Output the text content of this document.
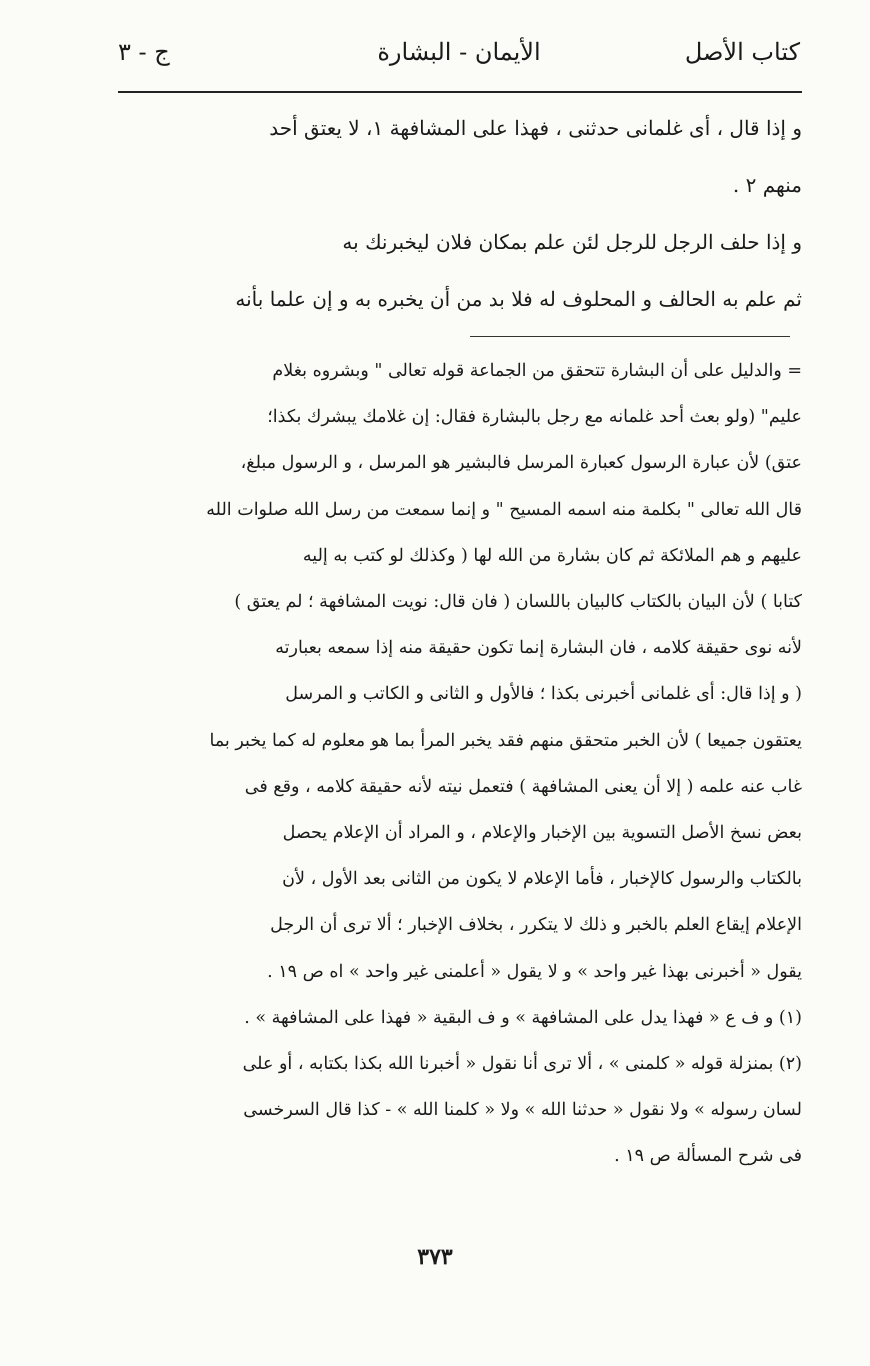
كتاب الأصل
الأيمان - البشارة
ج - ٣
و إذا قال ، أى غلمانى حدثنى ، فهذا على المشافهة ١، لا يعتق أحد
منهم ٢ .
و إذا حلف الرجل للرجل لئن علم بمكان فلان ليخبرنك به
ثم علم به الحالف و المحلوف له فلا بد من أن يخبره به و إن علما بأنه
= والدليل على أن البشارة تتحقق من الجماعة قوله تعالى " وبشروه بغلام
عليم" (ولو بعث أحد غلمانه مع رجل بالبشارة فقال: إن غلامك يبشرك بكذا؛
عتق) لأن عبارة الرسول كعبارة المرسل فالبشير هو المرسل ، و الرسول مبلغ،
قال الله تعالى " بكلمة منه اسمه المسيح " و إنما سمعت من رسل الله صلوات الله
عليهم و هم الملائكة ثم كان بشارة من الله لها ( وكذلك لو كتب به إليه
كتابا ) لأن البيان بالكتاب كالبيان باللسان ( فان قال: نويت المشافهة ؛ لم يعتق )
لأنه نوى حقيقة كلامه ، فان البشارة إنما تكون حقيقة منه إذا سمعه بعبارته
( و إذا قال: أى غلمانى أخبرنى بكذا ؛ فالأول و الثانى و الكاتب و المرسل
يعتقون جميعا ) لأن الخبر متحقق منهم فقد يخبر المرأ بما هو معلوم له كما يخبر بما
غاب عنه علمه ( إلا أن يعنى المشافهة ) فتعمل نيته لأنه حقيقة كلامه ، وقع فى
بعض نسخ الأصل التسوية بين الإخبار والإعلام ، و المراد أن الإعلام يحصل
بالكتاب والرسول كالإخبار ، فأما الإعلام لا يكون من الثانى بعد الأول ، لأن
الإعلام إيقاع العلم بالخبر و ذلك لا يتكرر ، بخلاف الإخبار ؛ ألا ترى أن الرجل
يقول « أخبرنى بهذا غير واحد » و لا يقول « أعلمنى غير واحد » اه ص ١٩ .
(١) و ف ع « فهذا يدل على المشافهة » و ف البقية « فهذا على المشافهة » .
(٢) بمنزلة قوله « كلمنى » ، ألا ترى أنا نقول « أخبرنا الله بكذا بكتابه ، أو على
لسان رسوله » ولا نقول « حدثنا الله » ولا « كلمنا الله » - كذا قال السرخسى
فى شرح المسألة ص ١٩ .
٣٧٣
